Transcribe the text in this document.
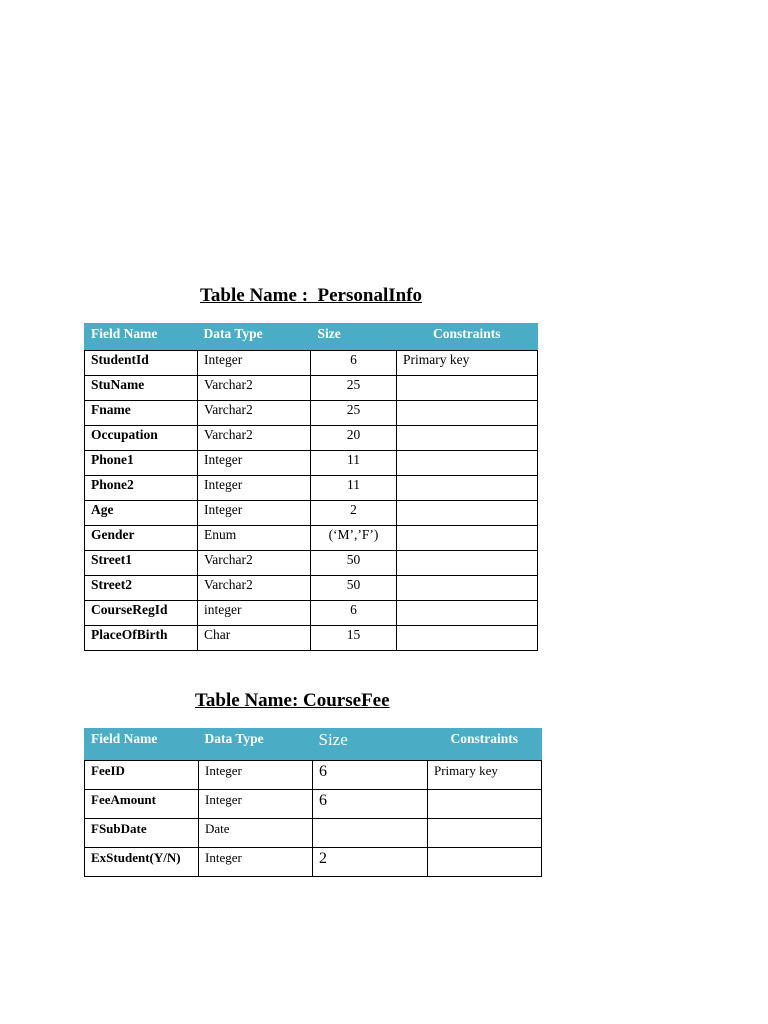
Table Name :  PersonalInfo
Field Name	Data Type	Size	Constraints
StudentId	Integer	6	Primary key
StuName	Varchar2	25	
Fname	Varchar2	25	
Occupation	Varchar2	20	
Phone1	Integer	11	
Phone2	Integer	11	
Age	Integer	2	
Gender	Enum	(‘M’,’F’)	
Street1	Varchar2	50	
Street2	Varchar2	50	
CourseRegId	integer	6	
PlaceOfBirth	Char	15	
Table Name: CourseFee
Field Name	Data Type	Size	Constraints
FeeID	Integer	6	Primary key
FeeAmount	Integer	6	
FSubDate	Date		
ExStudent(Y/N)	Integer	2	
